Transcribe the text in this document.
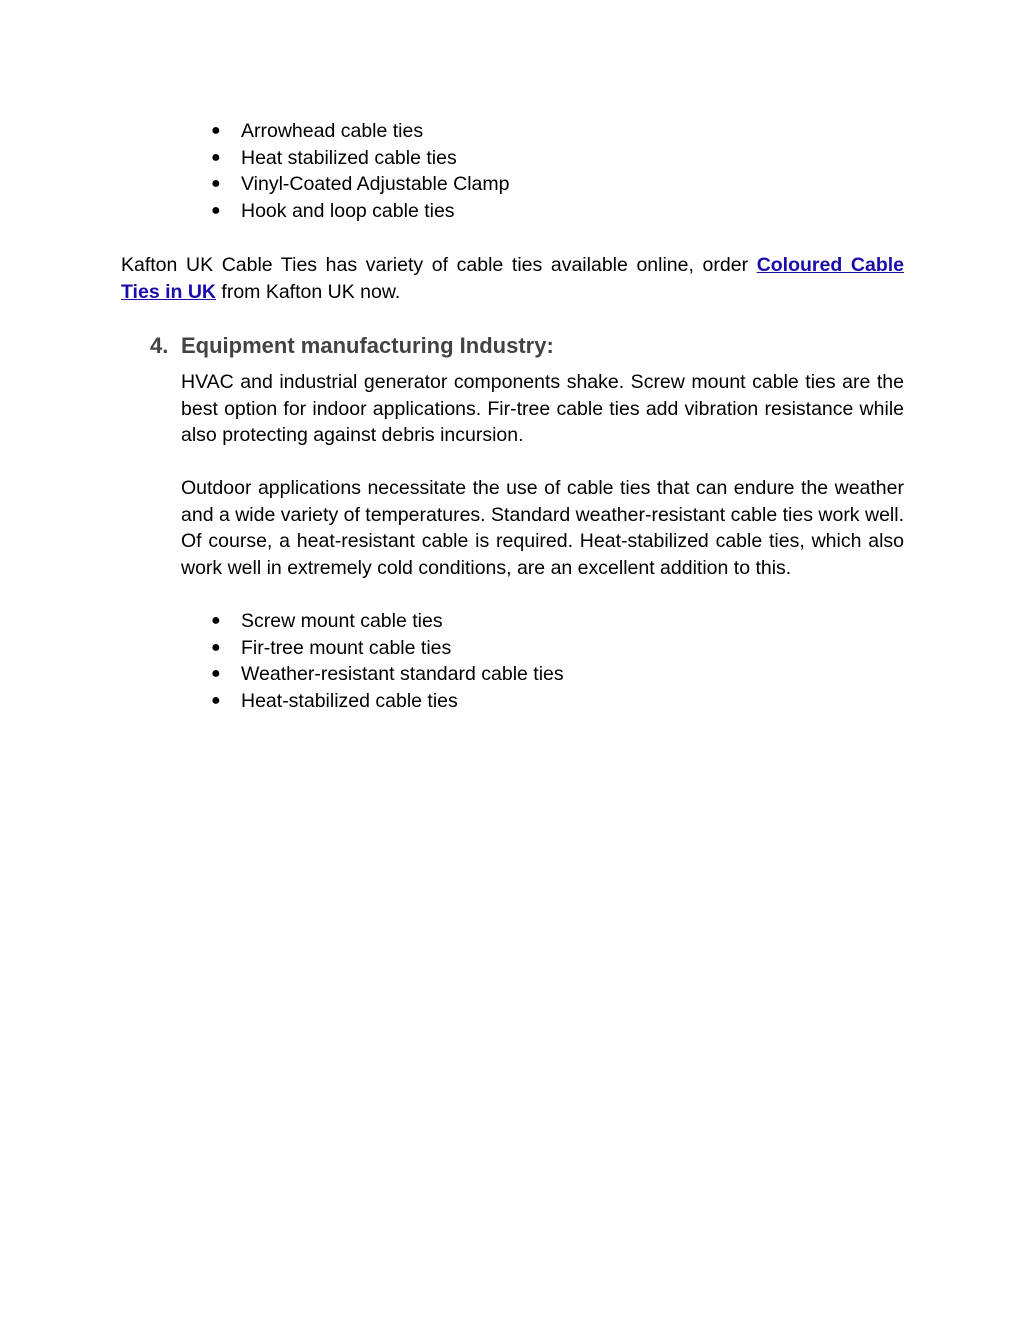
● Arrowhead cable ties
● Heat stabilized cable ties
● Vinyl-Coated Adjustable Clamp
● Hook and loop cable ties

Kafton UK Cable Ties has variety of cable ties available online, order Coloured Cable Ties in UK from Kafton UK now.

4. Equipment manufacturing Industry:

HVAC and industrial generator components shake. Screw mount cable ties are the best option for indoor applications. Fir-tree cable ties add vibration resistance while also protecting against debris incursion.

Outdoor applications necessitate the use of cable ties that can endure the weather and a wide variety of temperatures. Standard weather-resistant cable ties work well. Of course, a heat-resistant cable is required. Heat-stabilized cable ties, which also work well in extremely cold conditions, are an excellent addition to this.

● Screw mount cable ties
● Fir-tree mount cable ties
● Weather-resistant standard cable ties
● Heat-stabilized cable ties
